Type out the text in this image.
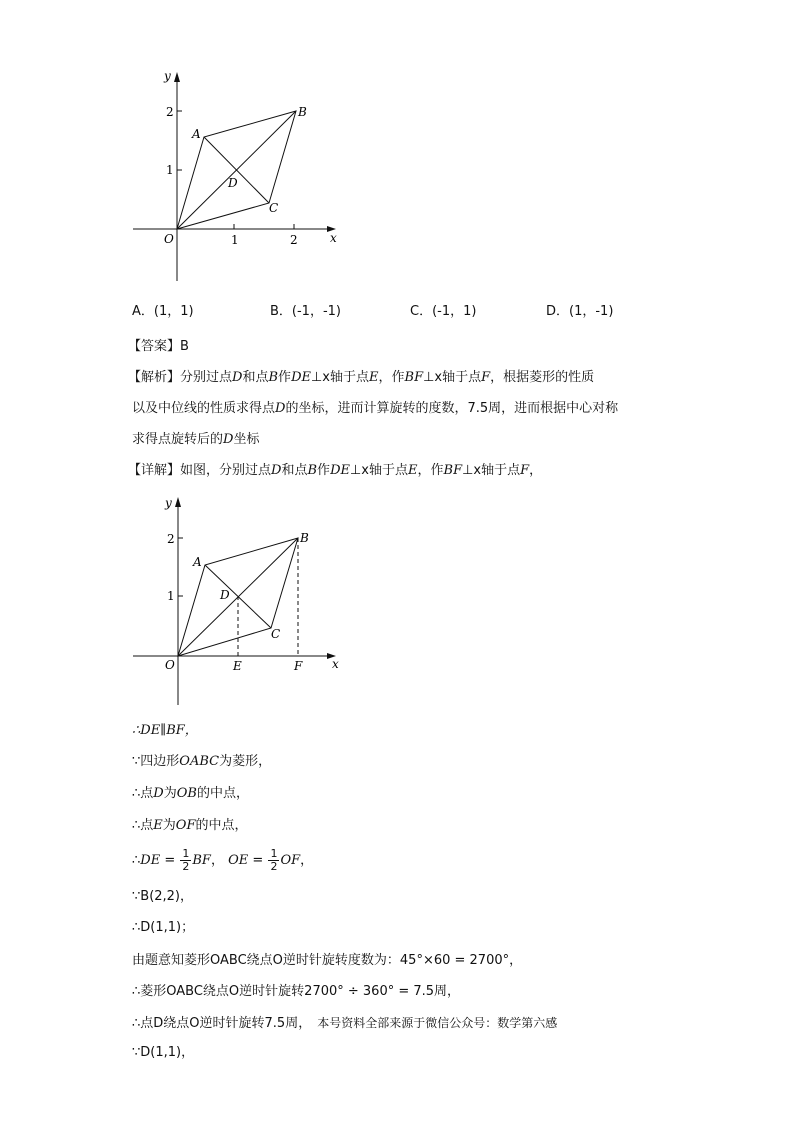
y
x
O	1	2
1
2
A
B
C
D
A．(1，1)	B．(-1，-1)	C．(-1，1)	D．(1，-1)
【答案】B
【解析】分别过点D和点B作DE⊥x轴于点E，作BF⊥x轴于点F，根据菱形的性质
以及中位线的性质求得点D的坐标，进而计算旋转的度数，7.5周，进而根据中心对称
求得点旋转后的D坐标
【详解】如图，分别过点D和点B作DE⊥x轴于点E，作BF⊥x轴于点F，
y
x
O
1
2
E	F
A
B
C
D
∴DE∥BF，
∵四边形OABC为菱形，
∴点D为OB的中点，
∴点E为OF的中点，
∴DE = $\frac{1}{2}$ BF， OE = $\frac{1}{2}$ OF，
∵B(2,2)，
∴D(1,1)；
由题意知菱形OABC绕点O逆时针旋转度数为：45°×60 = 2700°，
∴菱形OABC绕点O逆时针旋转2700° ÷ 360° = 7.5周，
∴点D绕点O逆时针旋转7.5周， 本号资料全部来源于微信公众号：数学第六感
∵D(1,1)，
